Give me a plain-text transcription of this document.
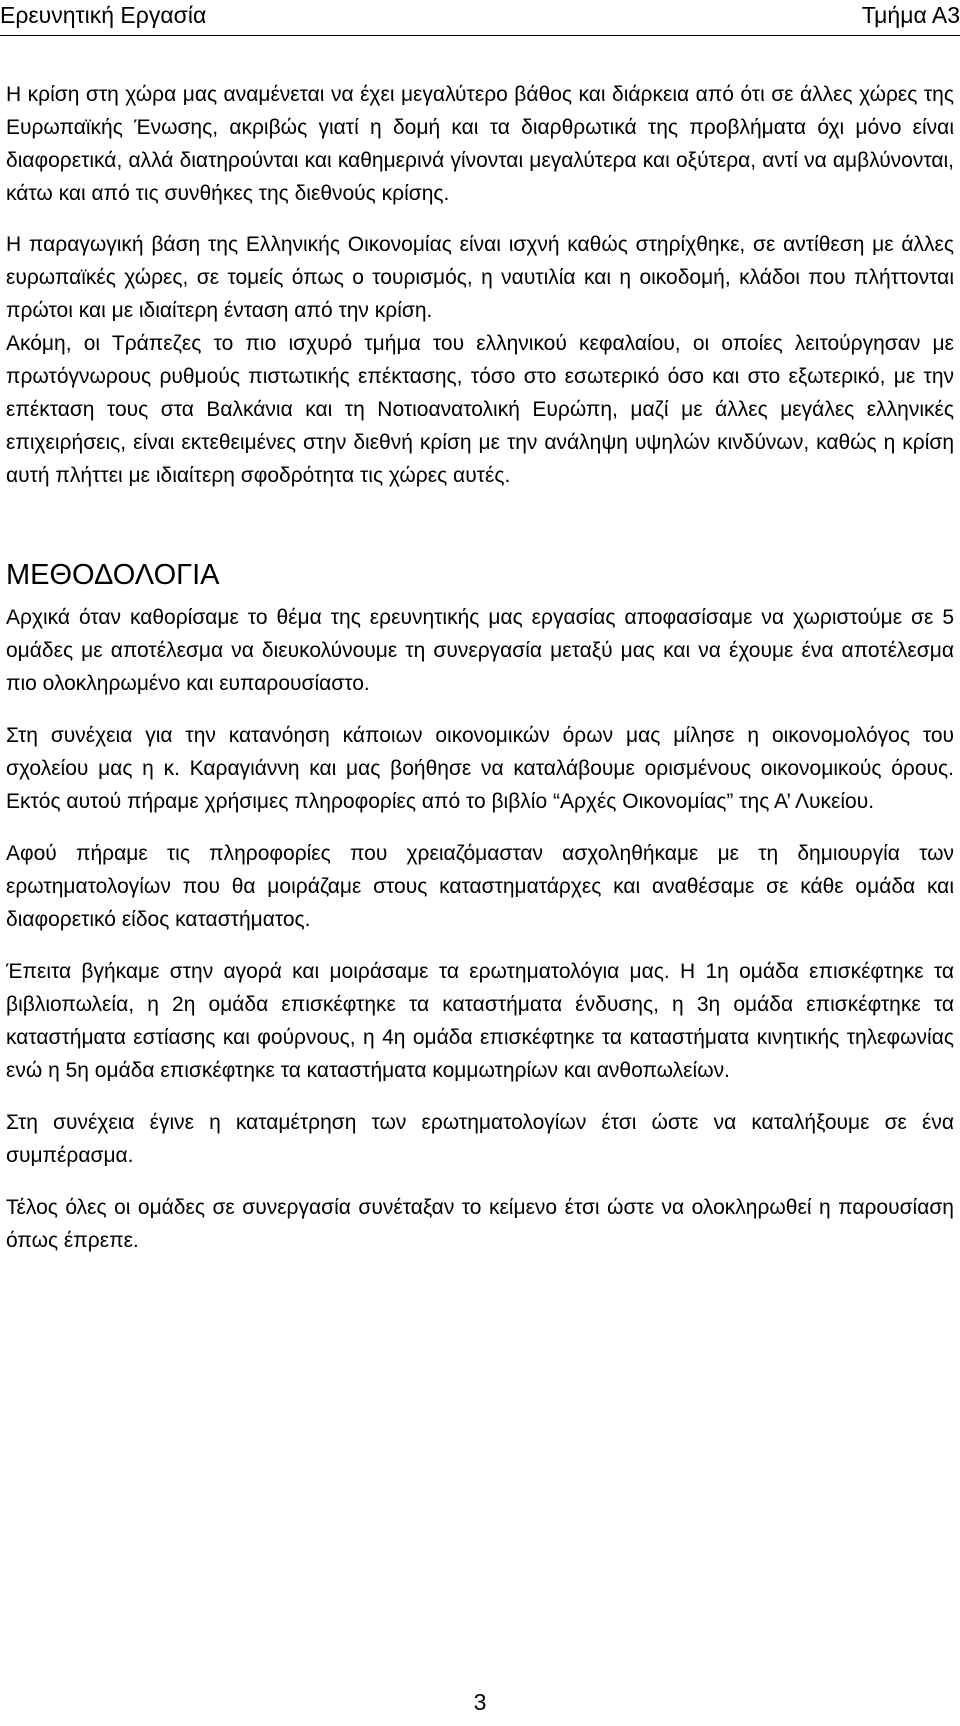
Ερευνητική Εργασία	Τμήμα Α3

Η κρίση στη χώρα μας αναμένεται να έχει μεγαλύτερο βάθος και διάρκεια από ότι σε άλλες χώρες της Ευρωπαϊκής Ένωσης, ακριβώς γιατί η δομή και τα διαρθρωτικά της προβλήματα όχι μόνο είναι διαφορετικά, αλλά διατηρούνται και καθημερινά γίνονται μεγαλύτερα και οξύτερα, αντί να αμβλύνονται, κάτω και από τις συνθήκες της διεθνούς κρίσης.

Η παραγωγική βάση της Ελληνικής Οικονομίας είναι ισχνή καθώς στηρίχθηκε, σε αντίθεση με άλλες ευρωπαϊκές χώρες, σε τομείς όπως ο τουρισμός, η ναυτιλία και η οικοδομή, κλάδοι που πλήττονται πρώτοι και με ιδιαίτερη ένταση από την κρίση.

Ακόμη, οι Τράπεζες το πιο ισχυρό τμήμα του ελληνικού κεφαλαίου, οι οποίες λειτούργησαν με πρωτόγνωρους ρυθμούς πιστωτικής επέκτασης, τόσο στο εσωτερικό όσο και στο εξωτερικό, με την επέκταση τους στα Βαλκάνια και τη Νοτιοανατολική Ευρώπη, μαζί με άλλες μεγάλες ελληνικές επιχειρήσεις, είναι εκτεθειμένες στην διεθνή κρίση με την ανάληψη υψηλών κινδύνων, καθώς η κρίση αυτή πλήττει με ιδιαίτερη σφοδρότητα τις χώρες αυτές.

ΜΕΘΟΔΟΛΟΓΙΑ

Αρχικά όταν καθορίσαμε το θέμα της ερευνητικής μας εργασίας αποφασίσαμε να χωριστούμε σε 5 ομάδες με αποτέλεσμα να διευκολύνουμε τη συνεργασία μεταξύ μας και να έχουμε ένα αποτέλεσμα πιο ολοκληρωμένο και ευπαρουσίαστο.

Στη συνέχεια για την κατανόηση κάποιων οικονομικών όρων μας μίλησε η οικονομολόγος του σχολείου μας η κ. Καραγιάννη και μας βοήθησε να καταλάβουμε ορισμένους οικονομικούς όρους. Εκτός αυτού πήραμε χρήσιμες πληροφορίες από το βιβλίο “Αρχές Οικονομίας” της Α’ Λυκείου.

Αφού πήραμε τις πληροφορίες που χρειαζόμασταν ασχοληθήκαμε με τη δημιουργία των ερωτηματολογίων που θα μοιράζαμε στους καταστηματάρχες και αναθέσαμε σε κάθε ομάδα και διαφορετικό είδος καταστήματος.

Έπειτα βγήκαμε στην αγορά και μοιράσαμε τα ερωτηματολόγια μας. Η 1η ομάδα επισκέφτηκε τα βιβλιοπωλεία, η 2η ομάδα επισκέφτηκε τα καταστήματα ένδυσης, η 3η ομάδα επισκέφτηκε τα καταστήματα εστίασης και φούρνους, η 4η ομάδα επισκέφτηκε τα καταστήματα κινητικής τηλεφωνίας ενώ η 5η ομάδα επισκέφτηκε τα καταστήματα κομμωτηρίων και ανθοπωλείων.

Στη συνέχεια έγινε η καταμέτρηση των ερωτηματολογίων έτσι ώστε να καταλήξουμε σε ένα συμπέρασμα.

Τέλος όλες οι ομάδες σε συνεργασία συνέταξαν το κείμενο έτσι ώστε να ολοκληρωθεί η παρουσίαση όπως έπρεπε.

3
